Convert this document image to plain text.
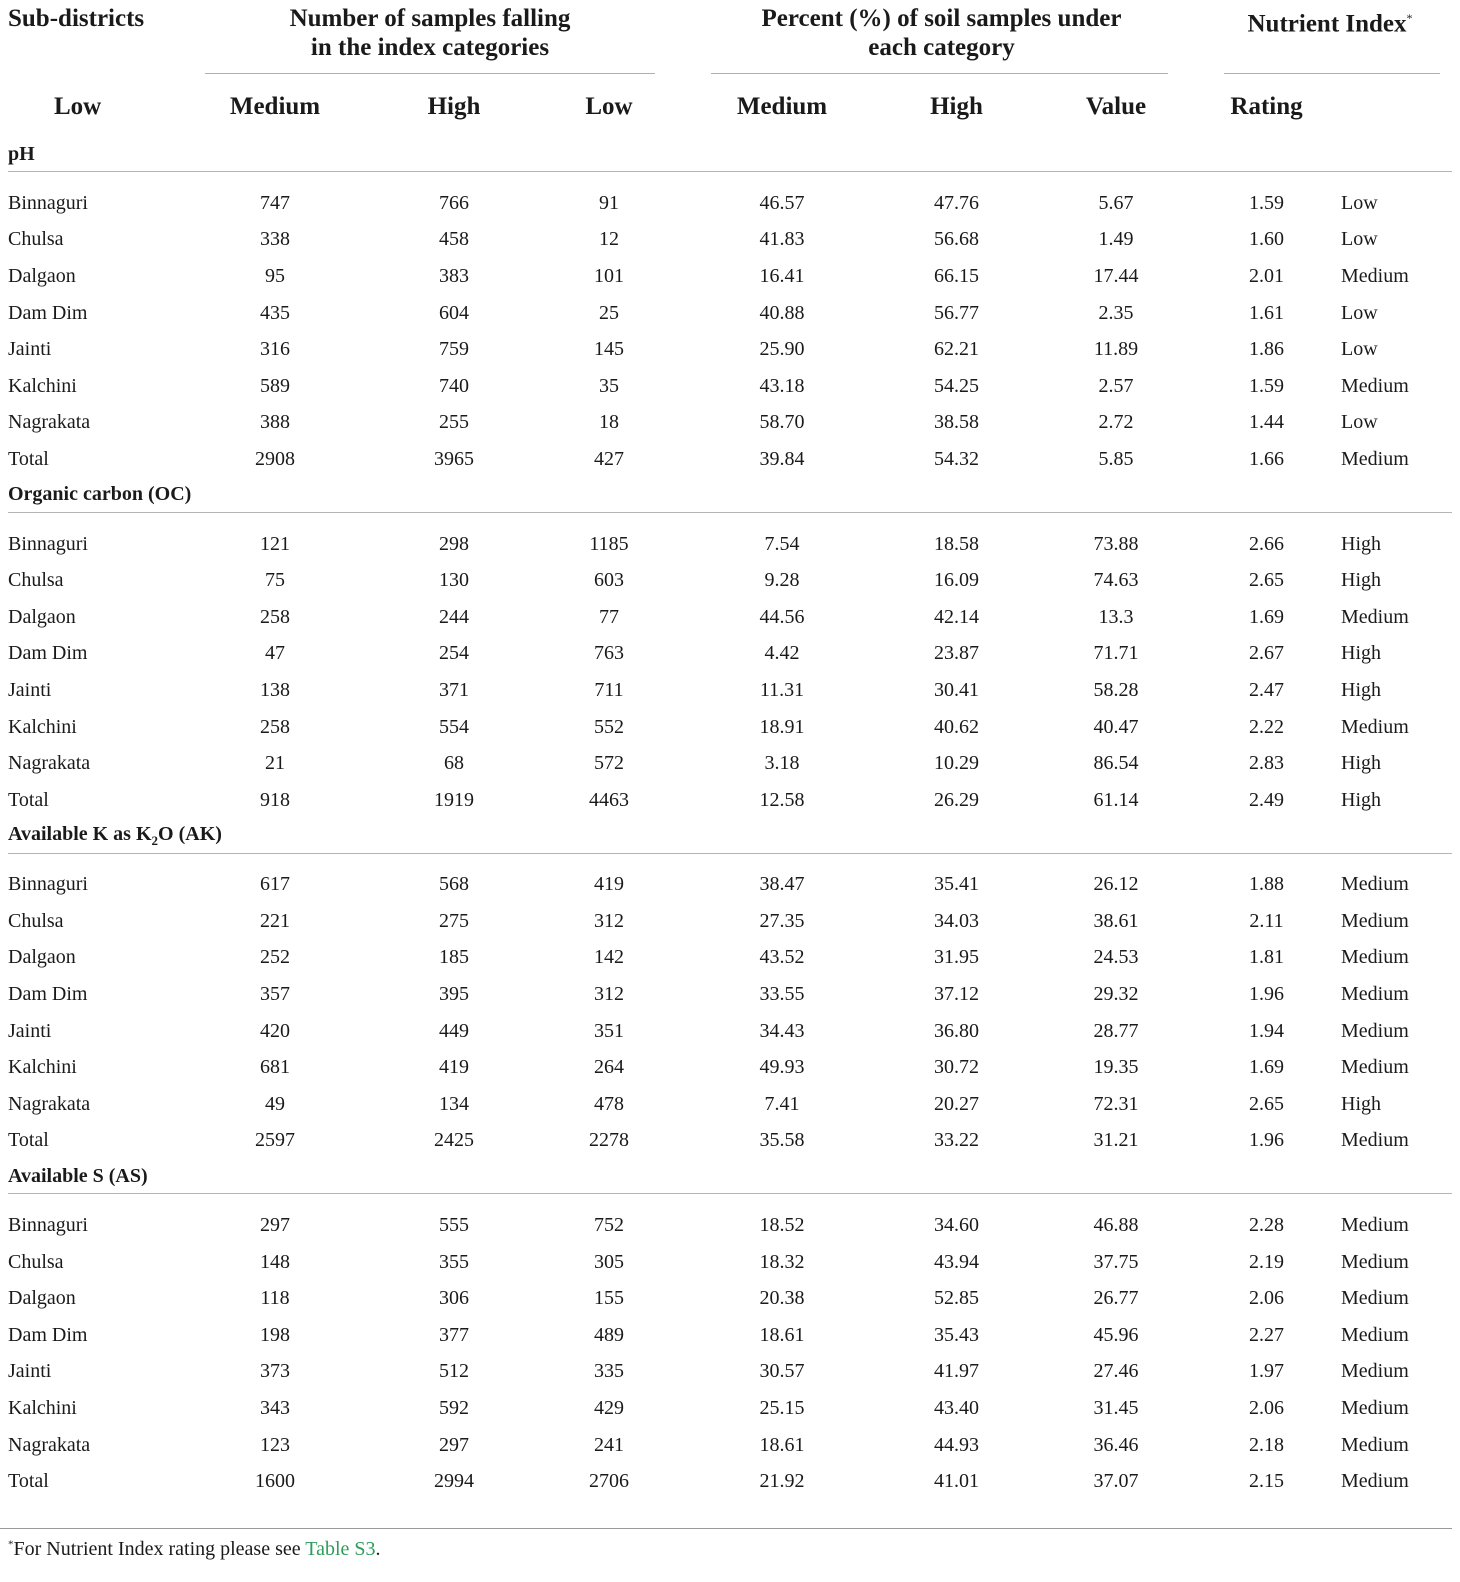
Sub-districts	Number of samples falling in the index categories			Percent (%) of soil samples under each category			Nutrient Index*
Low	Medium	High	Low	Medium	High	Value	Rating	
pH								

Binnaguri	747	766	91	46.57	47.76	5.67	1.59	Low
Chulsa	338	458	12	41.83	56.68	1.49	1.60	Low
Dalgaon	95	383	101	16.41	66.15	17.44	2.01	Medium
Dam Dim	435	604	25	40.88	56.77	2.35	1.61	Low
Jainti	316	759	145	25.90	62.21	11.89	1.86	Low
Kalchini	589	740	35	43.18	54.25	2.57	1.59	Medium
Nagrakata	388	255	18	58.70	38.58	2.72	1.44	Low
Total	2908	3965	427	39.84	54.32	5.85	1.66	Medium
Organic carbon (OC)								

Binnaguri	121	298	1185	7.54	18.58	73.88	2.66	High
Chulsa	75	130	603	9.28	16.09	74.63	2.65	High
Dalgaon	258	244	77	44.56	42.14	13.3	1.69	Medium
Dam Dim	47	254	763	4.42	23.87	71.71	2.67	High
Jainti	138	371	711	11.31	30.41	58.28	2.47	High
Kalchini	258	554	552	18.91	40.62	40.47	2.22	Medium
Nagrakata	21	68	572	3.18	10.29	86.54	2.83	High
Total	918	1919	4463	12.58	26.29	61.14	2.49	High
Available K as $K_2O$ (AK)								

Binnaguri	617	568	419	38.47	35.41	26.12	1.88	Medium
Chulsa	221	275	312	27.35	34.03	38.61	2.11	Medium
Dalgaon	252	185	142	43.52	31.95	24.53	1.81	Medium
Dam Dim	357	395	312	33.55	37.12	29.32	1.96	Medium
Jainti	420	449	351	34.43	36.80	28.77	1.94	Medium
Kalchini	681	419	264	49.93	30.72	19.35	1.69	Medium
Nagrakata	49	134	478	7.41	20.27	72.31	2.65	High
Total	2597	2425	2278	35.58	33.22	31.21	1.96	Medium
Available S (AS)								

Binnaguri	297	555	752	18.52	34.60	46.88	2.28	Medium
Chulsa	148	355	305	18.32	43.94	37.75	2.19	Medium
Dalgaon	118	306	155	20.38	52.85	26.77	2.06	Medium
Dam Dim	198	377	489	18.61	35.43	45.96	2.27	Medium
Jainti	373	512	335	30.57	41.97	27.46	1.97	Medium
Kalchini	343	592	429	25.15	43.40	31.45	2.06	Medium
Nagrakata	123	297	241	18.61	44.93	36.46	2.18	Medium
Total	1600	2994	2706	21.92	41.01	37.07	2.15	Medium
*For Nutrient Index rating please see Table S3.
